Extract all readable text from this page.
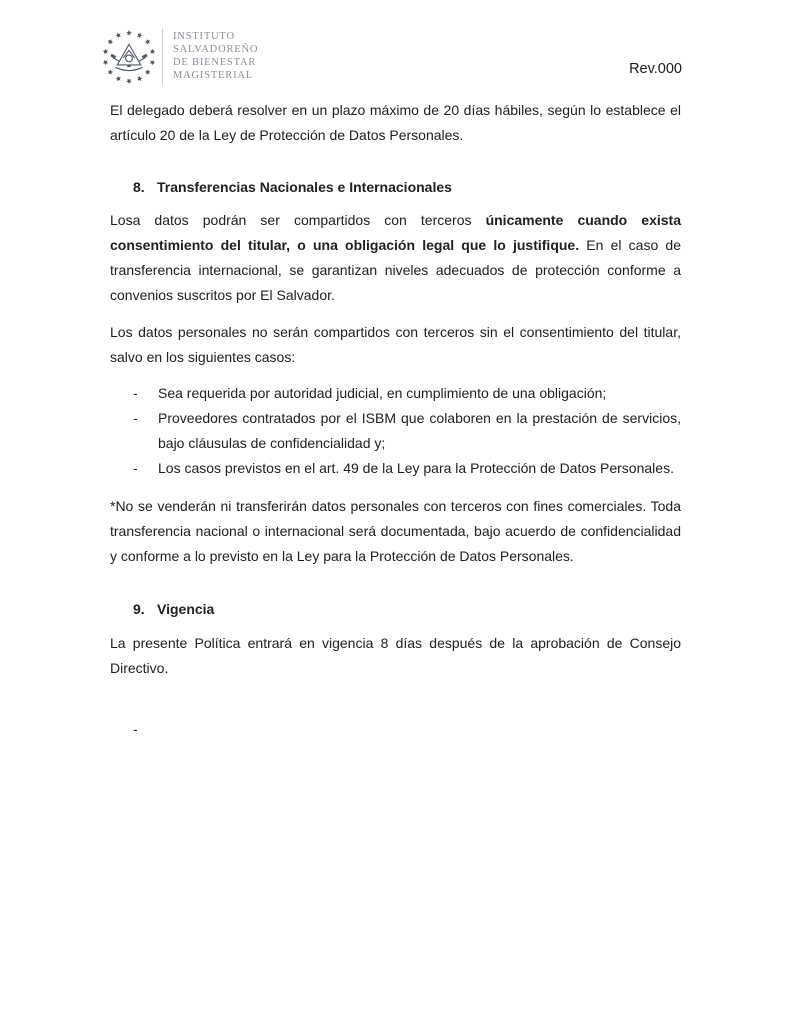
INSTITUTO
SALVADOREÑO
DE BIENESTAR
MAGISTERIAL	Rev.000

El delegado deberá resolver en un plazo máximo de 20 días hábiles, según lo establece el artículo 20 de la Ley de Protección de Datos Personales.

8. Transferencias Nacionales e Internacionales

Losa datos podrán ser compartidos con terceros únicamente cuando exista consentimiento del titular, o una obligación legal que lo justifique. En el caso de transferencia internacional, se garantizan niveles adecuados de protección conforme a convenios suscritos por El Salvador.

Los datos personales no serán compartidos con terceros sin el consentimiento del titular, salvo en los siguientes casos:

-	Sea requerida por autoridad judicial, en cumplimiento de una obligación;
-	Proveedores contratados por el ISBM que colaboren en la prestación de servicios, bajo cláusulas de confidencialidad y;
-	Los casos previstos en el art. 49 de la Ley para la Protección de Datos Personales.

*No se venderán ni transferirán datos personales con terceros con fines comerciales. Toda transferencia nacional o internacional será documentada, bajo acuerdo de confidencialidad y conforme a lo previsto en la Ley para la Protección de Datos Personales.

9. Vigencia

La presente Política entrará en vigencia 8 días después de la aprobación de Consejo Directivo.

-
